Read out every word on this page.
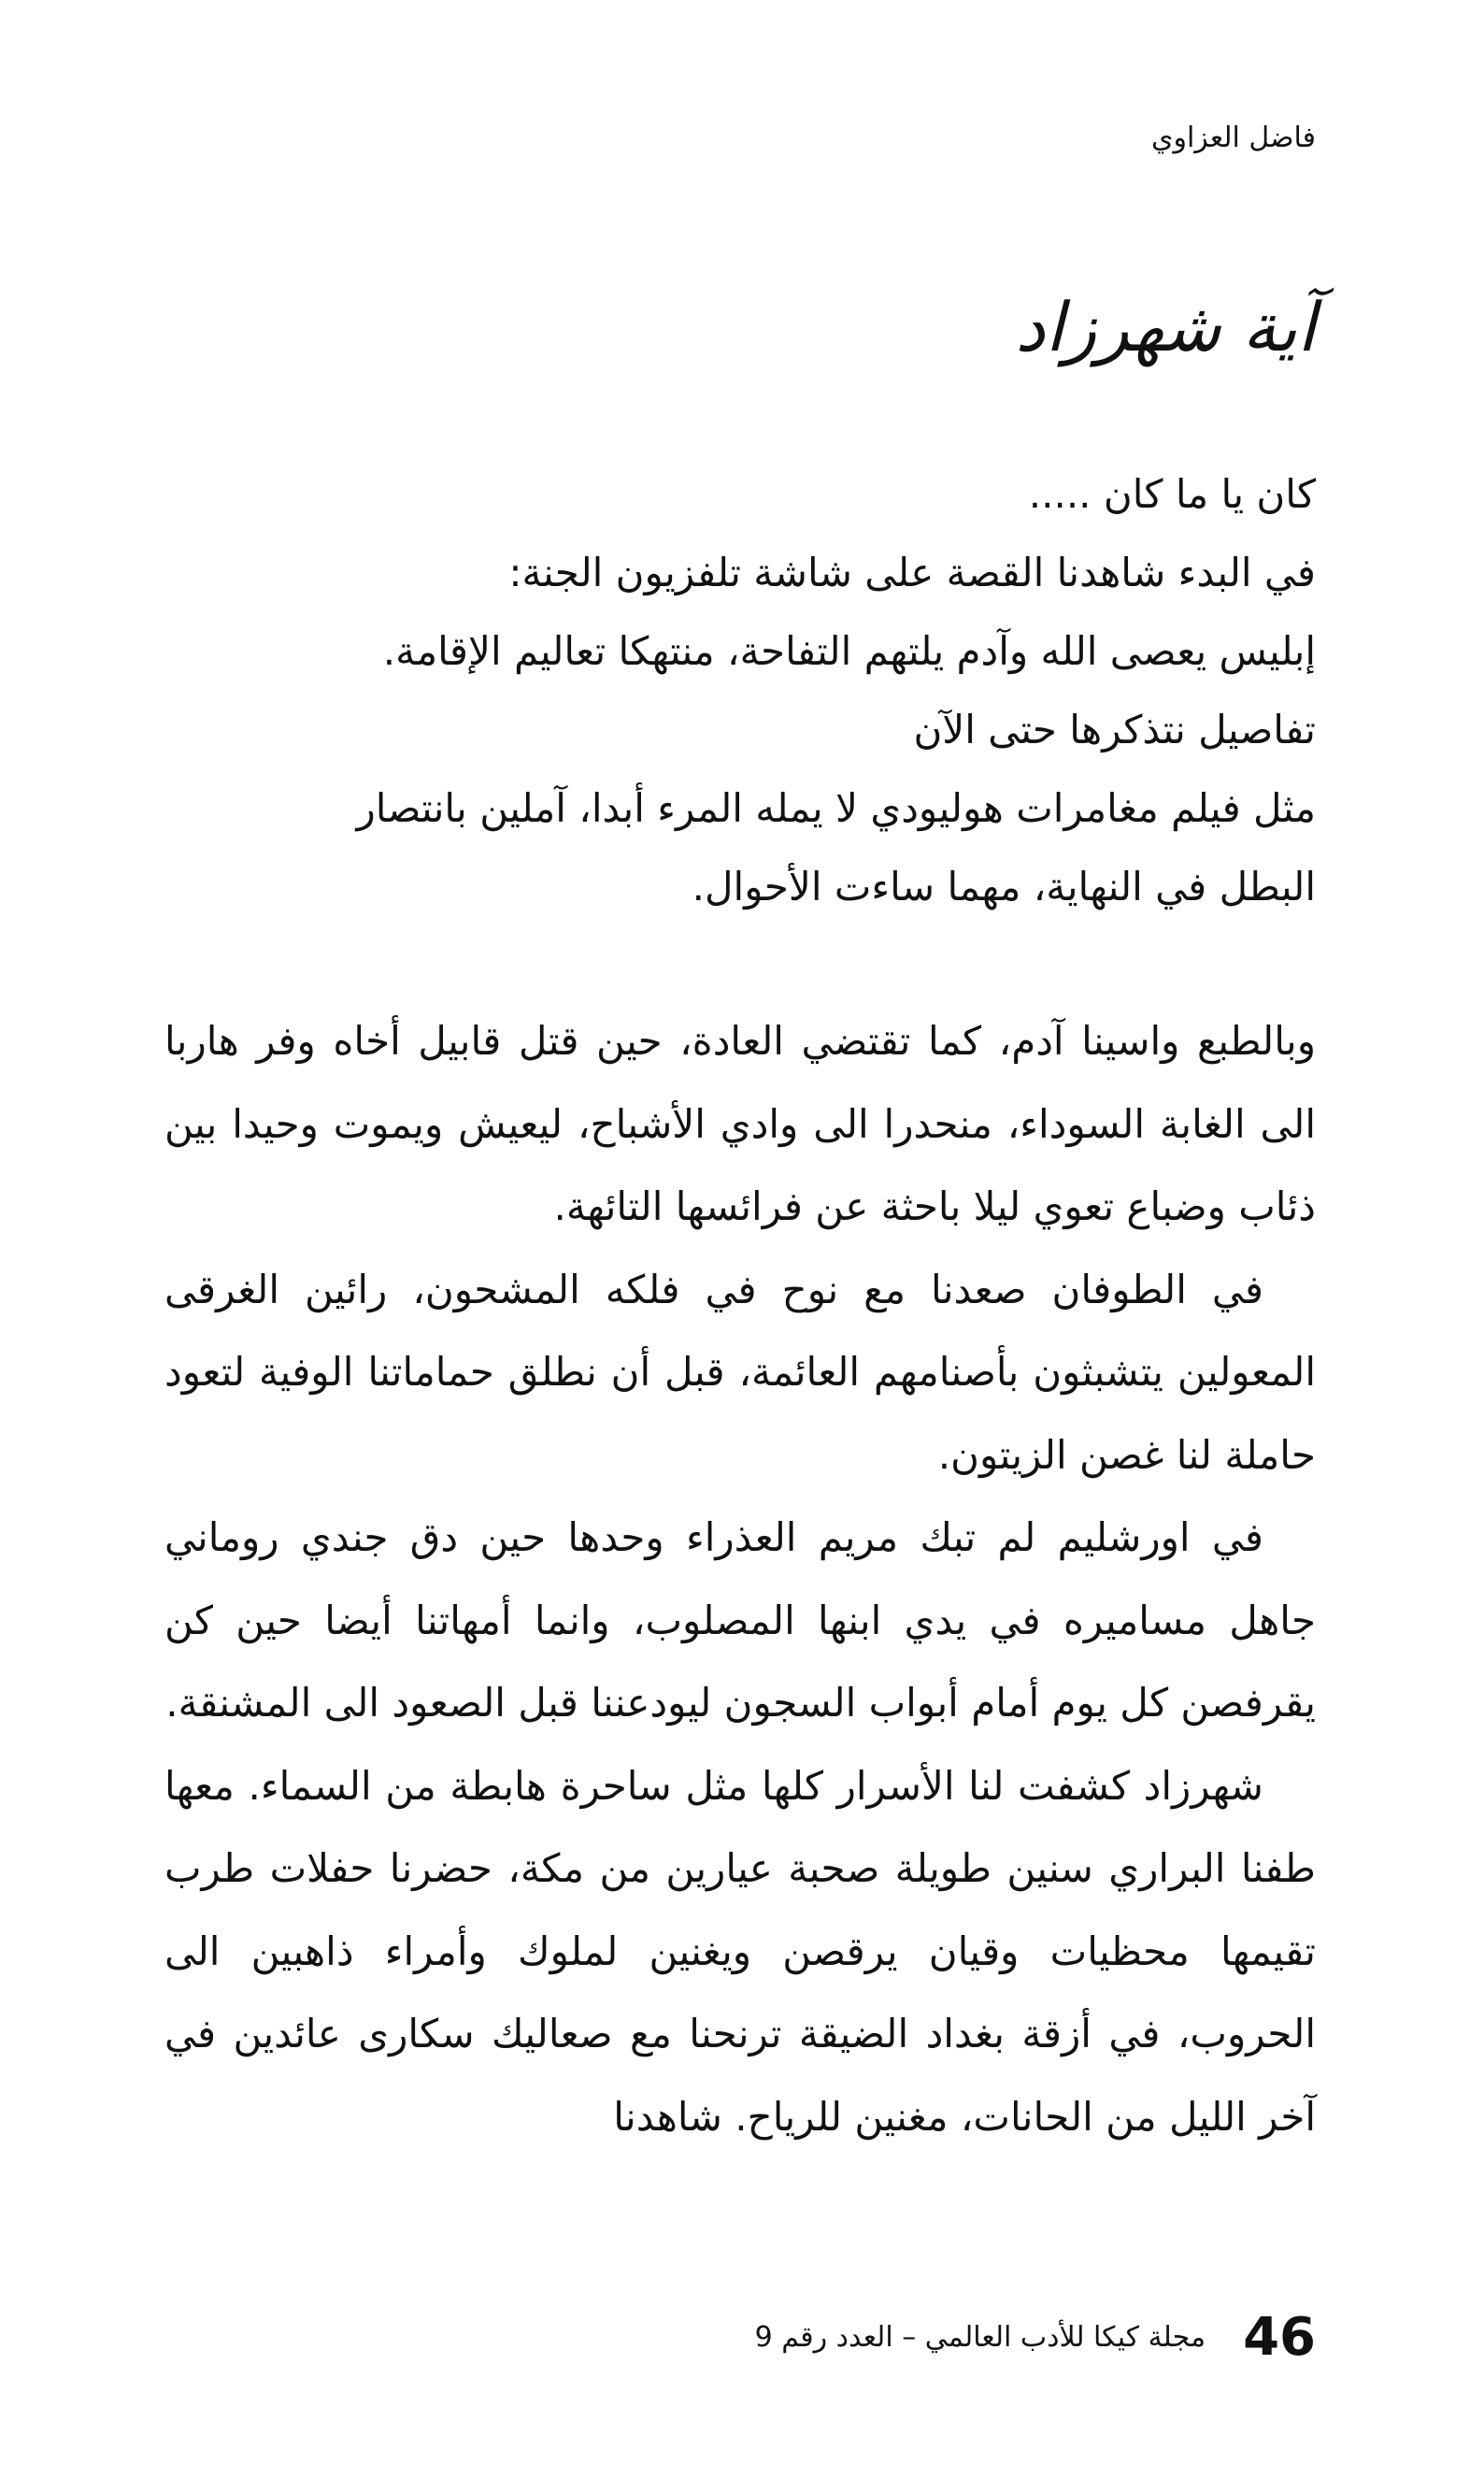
فاضل العزاوي
آية شهرزاد
كان يا ما كان .....
في البدء شاهدنا القصة على شاشة تلفزيون الجنة:
إبليس يعصى الله وآدم يلتهم التفاحة، منتهكا تعاليم الإقامة.
تفاصيل نتذكرها حتى الآن
مثل فيلم مغامرات هوليودي لا يمله المرء أبدا، آملين بانتصار
البطل في النهاية، مهما ساءت الأحوال.

وبالطبع واسينا آدم، كما تقتضي العادة، حين قتل قابيل أخاه وفر هاربا الى الغابة السوداء، منحدرا الى وادي الأشباح، ليعيش ويموت وحيدا بين ذئاب وضباع تعوي ليلا باحثة عن فرائسها التائهة.

في الطوفان صعدنا مع نوح في فلكه المشحون، رائين الغرقى المعولين يتشبثون بأصنامهم العائمة، قبل أن نطلق حماماتنا الوفية لتعود حاملة لنا غصن الزيتون.

في اورشليم لم تبك مريم العذراء وحدها حين دق جندي روماني جاهل مساميره في يدي ابنها المصلوب، وانما أمهاتنا أيضا حين كن يقرفصن كل يوم أمام أبواب السجون ليودعننا قبل الصعود الى المشنقة.

شهرزاد كشفت لنا الأسرار كلها مثل ساحرة هابطة من السماء. معها طفنا البراري سنين طويلة صحبة عيارين من مكة، حضرنا حفلات طرب تقيمها محظيات وقيان يرقصن ويغنين لملوك وأمراء ذاهبين الى الحروب، في أزقة بغداد الضيقة ترنحنا مع صعاليك سكارى عائدين في آخر الليل من الحانات، مغنين للرياح. شاهدنا

46
مجلة كيكا للأدب العالمي – العدد رقم 9
